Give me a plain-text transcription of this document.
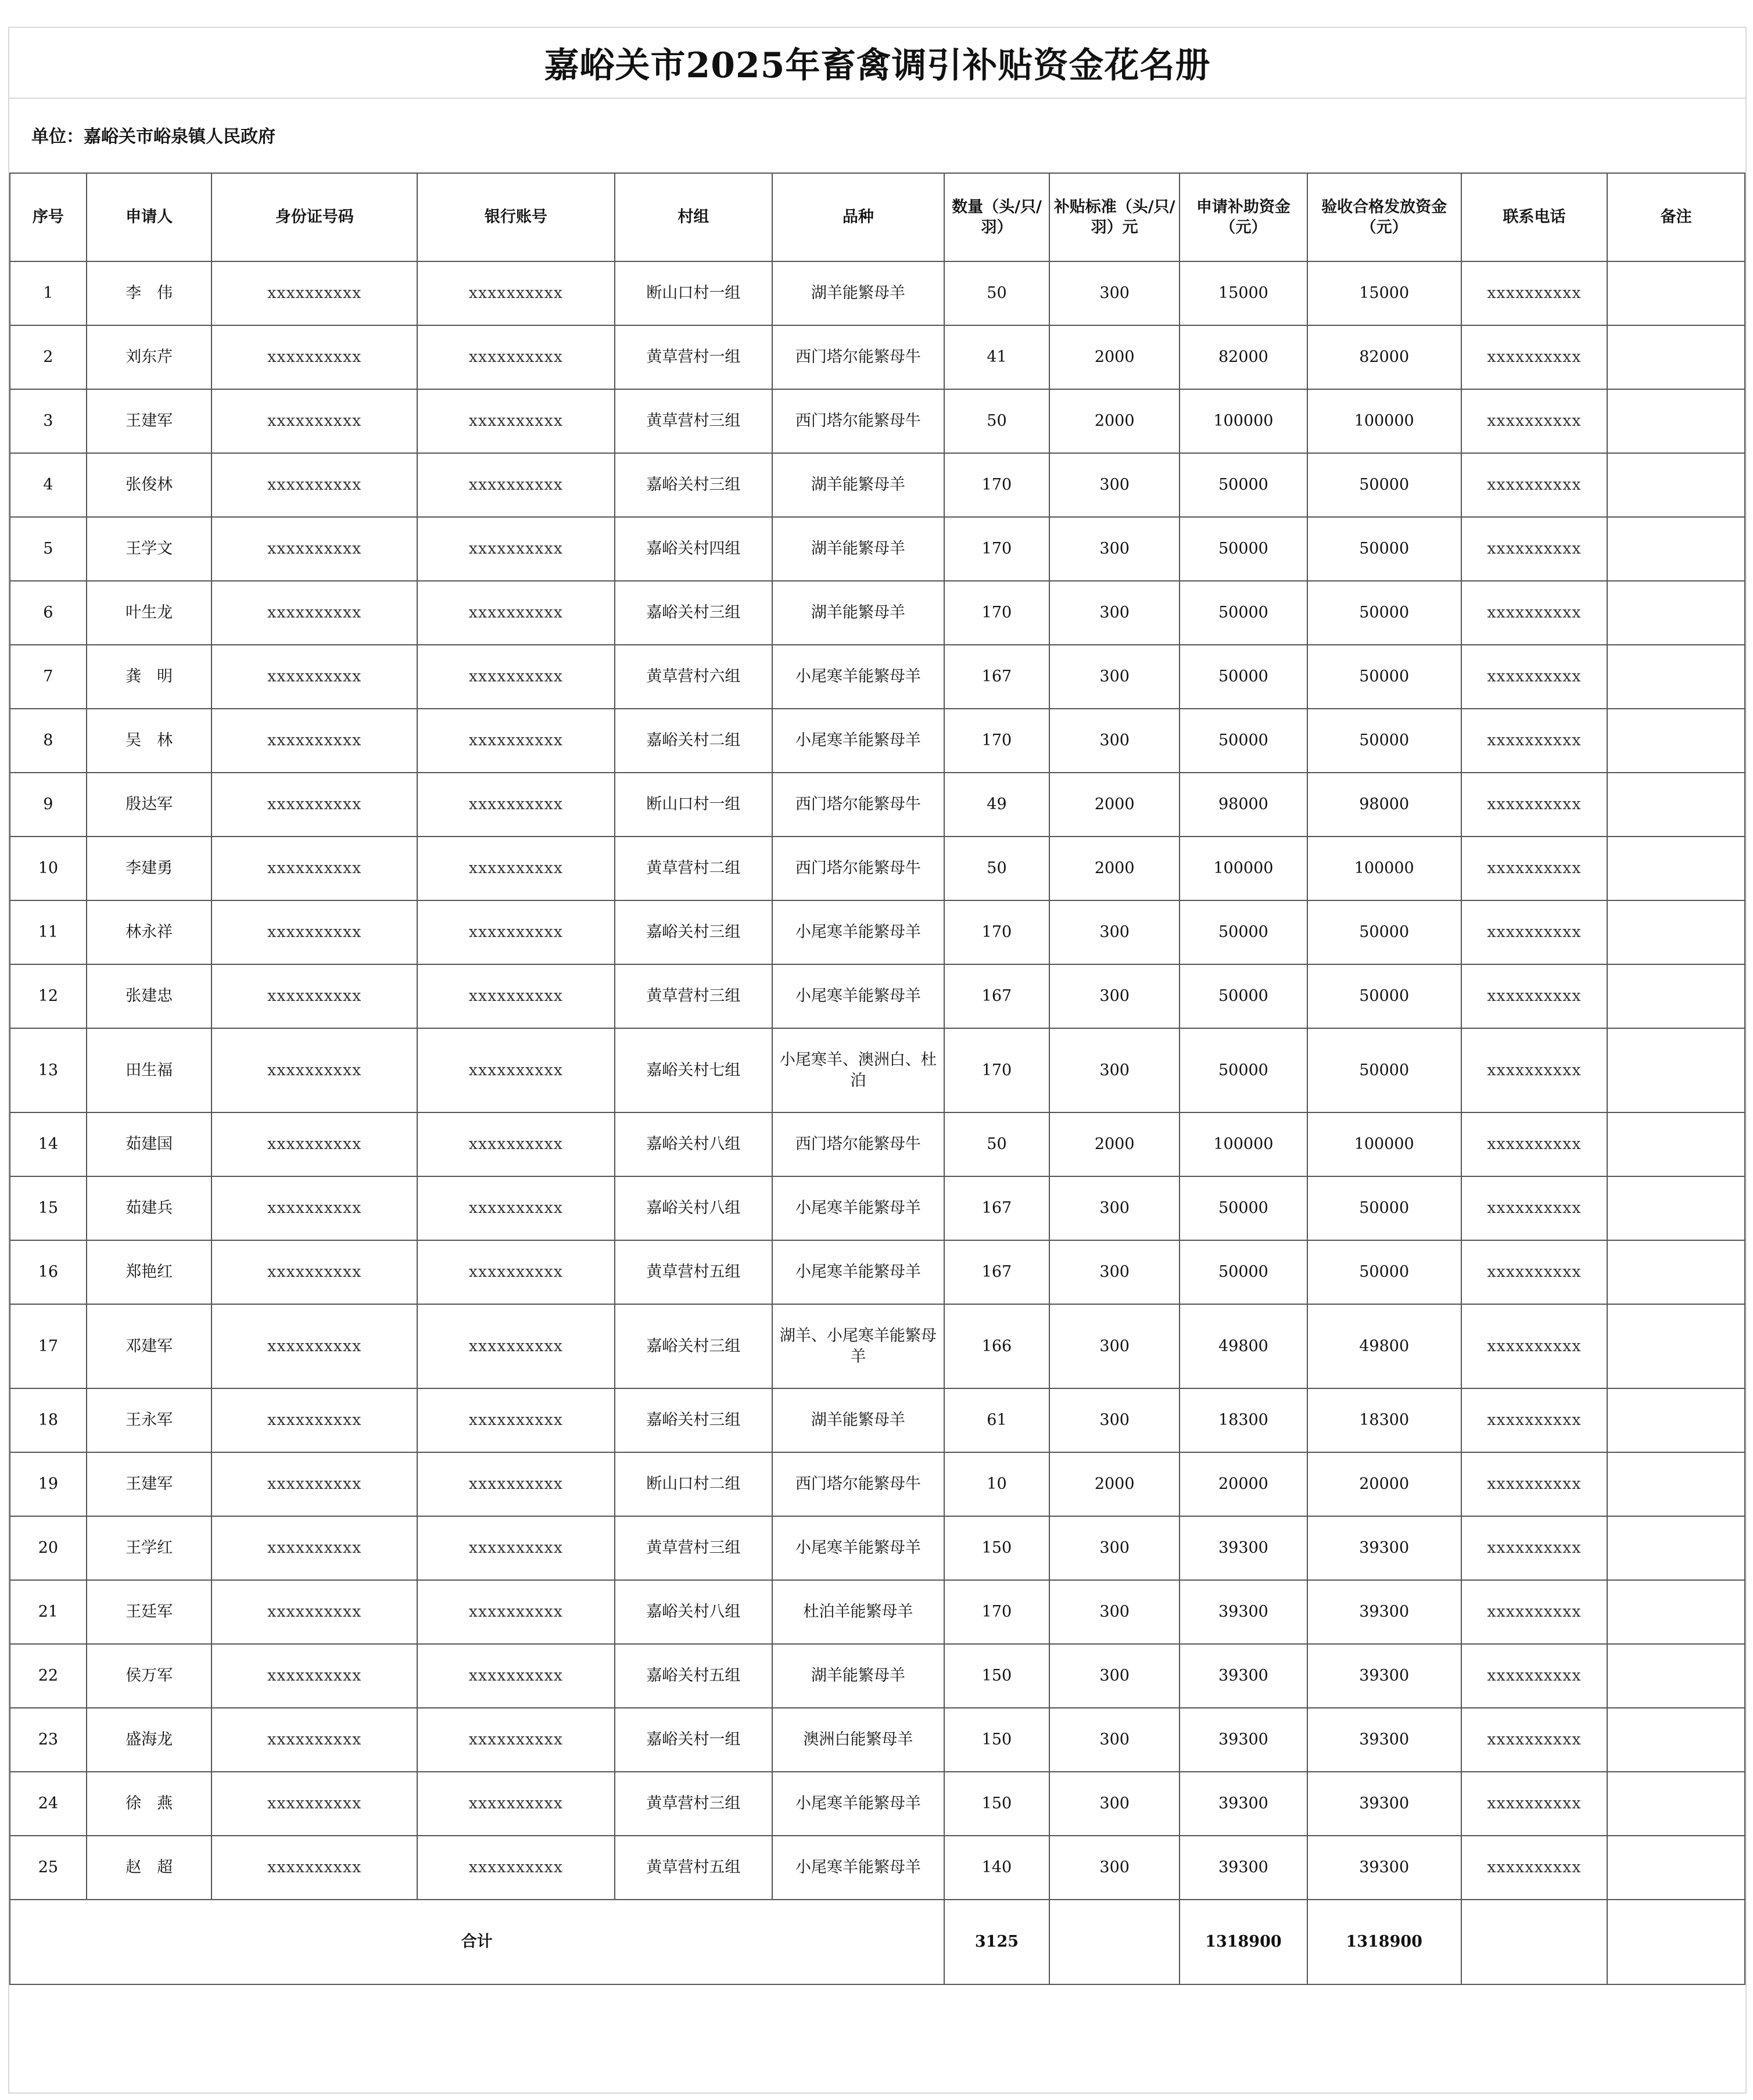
嘉峪关市2025年畜禽调引补贴资金花名册
单位：嘉峪关市峪泉镇人民政府
序号	申请人	身份证号码	银行账号	村组	品种	数量（头/只/羽）	补贴标准（头/只/羽）元	申请补助资金（元）	验收合格发放资金（元）	联系电话	备注
1	李　伟	xxxxxxxxxx	xxxxxxxxxx	断山口村一组	湖羊能繁母羊	50	300	15000	15000	xxxxxxxxxx	
2	刘东芹	xxxxxxxxxx	xxxxxxxxxx	黄草营村一组	西门塔尔能繁母牛	41	2000	82000	82000	xxxxxxxxxx	
3	王建军	xxxxxxxxxx	xxxxxxxxxx	黄草营村三组	西门塔尔能繁母牛	50	2000	100000	100000	xxxxxxxxxx	
4	张俊林	xxxxxxxxxx	xxxxxxxxxx	嘉峪关村三组	湖羊能繁母羊	170	300	50000	50000	xxxxxxxxxx	
5	王学文	xxxxxxxxxx	xxxxxxxxxx	嘉峪关村四组	湖羊能繁母羊	170	300	50000	50000	xxxxxxxxxx	
6	叶生龙	xxxxxxxxxx	xxxxxxxxxx	嘉峪关村三组	湖羊能繁母羊	170	300	50000	50000	xxxxxxxxxx	
7	龚　明	xxxxxxxxxx	xxxxxxxxxx	黄草营村六组	小尾寒羊能繁母羊	167	300	50000	50000	xxxxxxxxxx	
8	吴　林	xxxxxxxxxx	xxxxxxxxxx	嘉峪关村二组	小尾寒羊能繁母羊	170	300	50000	50000	xxxxxxxxxx	
9	殷达军	xxxxxxxxxx	xxxxxxxxxx	断山口村一组	西门塔尔能繁母牛	49	2000	98000	98000	xxxxxxxxxx	
10	李建勇	xxxxxxxxxx	xxxxxxxxxx	黄草营村二组	西门塔尔能繁母牛	50	2000	100000	100000	xxxxxxxxxx	
11	林永祥	xxxxxxxxxx	xxxxxxxxxx	嘉峪关村三组	小尾寒羊能繁母羊	170	300	50000	50000	xxxxxxxxxx	
12	张建忠	xxxxxxxxxx	xxxxxxxxxx	黄草营村三组	小尾寒羊能繁母羊	167	300	50000	50000	xxxxxxxxxx	
13	田生福	xxxxxxxxxx	xxxxxxxxxx	嘉峪关村七组	小尾寒羊、澳洲白、杜泊	170	300	50000	50000	xxxxxxxxxx	
14	茹建国	xxxxxxxxxx	xxxxxxxxxx	嘉峪关村八组	西门塔尔能繁母牛	50	2000	100000	100000	xxxxxxxxxx	
15	茹建兵	xxxxxxxxxx	xxxxxxxxxx	嘉峪关村八组	小尾寒羊能繁母羊	167	300	50000	50000	xxxxxxxxxx	
16	郑艳红	xxxxxxxxxx	xxxxxxxxxx	黄草营村五组	小尾寒羊能繁母羊	167	300	50000	50000	xxxxxxxxxx	
17	邓建军	xxxxxxxxxx	xxxxxxxxxx	嘉峪关村三组	湖羊、小尾寒羊能繁母羊	166	300	49800	49800	xxxxxxxxxx	
18	王永军	xxxxxxxxxx	xxxxxxxxxx	嘉峪关村三组	湖羊能繁母羊	61	300	18300	18300	xxxxxxxxxx	
19	王建军	xxxxxxxxxx	xxxxxxxxxx	断山口村二组	西门塔尔能繁母牛	10	2000	20000	20000	xxxxxxxxxx	
20	王学红	xxxxxxxxxx	xxxxxxxxxx	黄草营村三组	小尾寒羊能繁母羊	150	300	39300	39300	xxxxxxxxxx	
21	王廷军	xxxxxxxxxx	xxxxxxxxxx	嘉峪关村八组	杜泊羊能繁母羊	170	300	39300	39300	xxxxxxxxxx	
22	侯万军	xxxxxxxxxx	xxxxxxxxxx	嘉峪关村五组	湖羊能繁母羊	150	300	39300	39300	xxxxxxxxxx	
23	盛海龙	xxxxxxxxxx	xxxxxxxxxx	嘉峪关村一组	澳洲白能繁母羊	150	300	39300	39300	xxxxxxxxxx	
24	徐　燕	xxxxxxxxxx	xxxxxxxxxx	黄草营村三组	小尾寒羊能繁母羊	150	300	39300	39300	xxxxxxxxxx	
25	赵　超	xxxxxxxxxx	xxxxxxxxxx	黄草营村五组	小尾寒羊能繁母羊	140	300	39300	39300	xxxxxxxxxx	
合计						3125		1318900	1318900		
